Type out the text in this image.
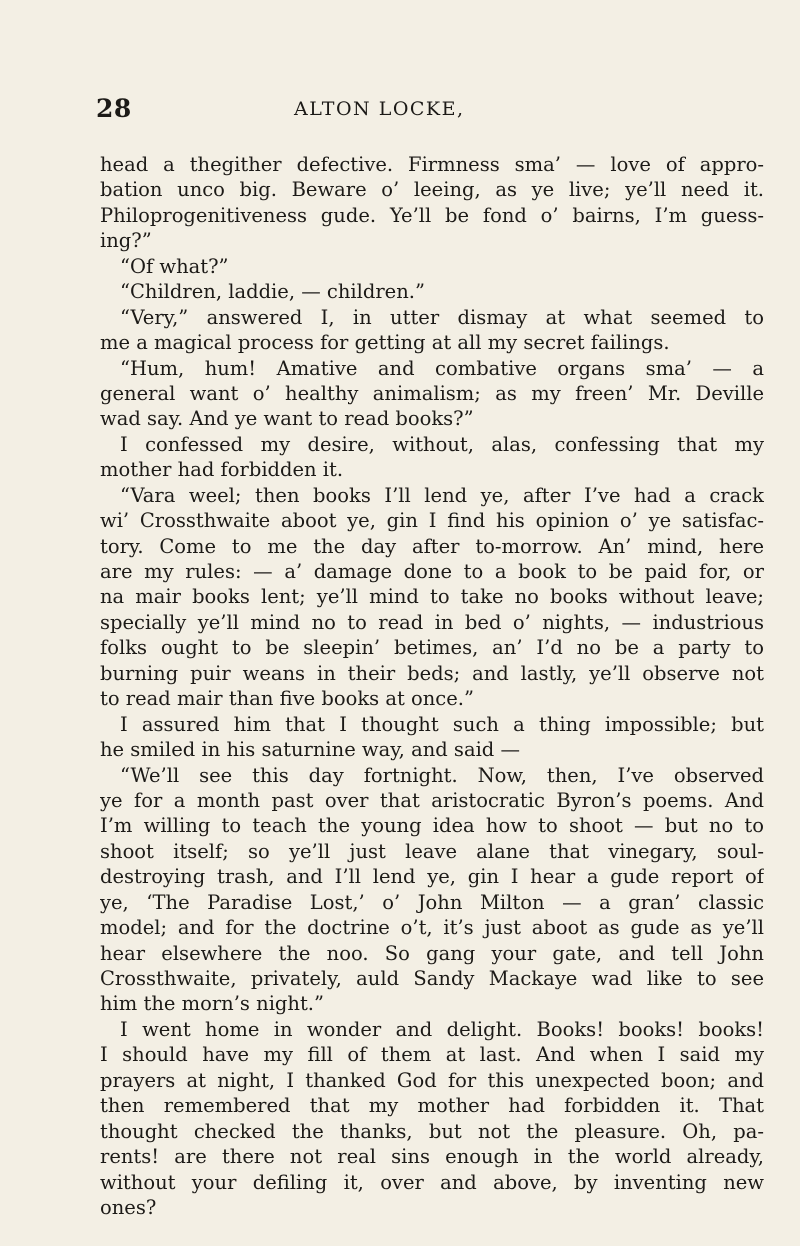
28	ALTON LOCKE,
head a thegither defective. Firmness sma’ — love of appro-
bation unco big. Beware o’ leeing, as ye live; ye’ll need it.
Philoprogenitiveness gude. Ye’ll be fond o’ bairns, I’m guess-
ing?”
“Of what?”
“Children, laddie, — children.”
“Very,” answered I, in utter dismay at what seemed to
me a magical process for getting at all my secret failings.
“Hum, hum! Amative and combative organs sma’ — a
general want o’ healthy animalism; as my freen’ Mr. Deville
wad say. And ye want to read books?”
I confessed my desire, without, alas, confessing that my
mother had forbidden it.
“Vara weel; then books I’ll lend ye, after I’ve had a crack
wi’ Crossthwaite aboot ye, gin I find his opinion o’ ye satisfac-
tory. Come to me the day after to-morrow. An’ mind, here
are my rules: — a’ damage done to a book to be paid for, or
na mair books lent; ye’ll mind to take no books without leave;
specially ye’ll mind no to read in bed o’ nights, — industrious
folks ought to be sleepin’ betimes, an’ I’d no be a party to
burning puir weans in their beds; and lastly, ye’ll observe not
to read mair than five books at once.”
I assured him that I thought such a thing impossible; but
he smiled in his saturnine way, and said —
“We’ll see this day fortnight. Now, then, I’ve observed
ye for a month past over that aristocratic Byron’s poems. And
I’m willing to teach the young idea how to shoot — but no to
shoot itself; so ye’ll just leave alane that vinegary, soul-
destroying trash, and I’ll lend ye, gin I hear a gude report of
ye, ‘The Paradise Lost,’ o’ John Milton — a gran’ classic
model; and for the doctrine o’t, it’s just aboot as gude as ye’ll
hear elsewhere the noo. So gang your gate, and tell John
Crossthwaite, privately, auld Sandy Mackaye wad like to see
him the morn’s night.”
I went home in wonder and delight. Books! books! books!
I should have my fill of them at last. And when I said my
prayers at night, I thanked God for this unexpected boon; and
then remembered that my mother had forbidden it. That
thought checked the thanks, but not the pleasure. Oh, pa-
rents! are there not real sins enough in the world already,
without your defiling it, over and above, by inventing new
ones?
